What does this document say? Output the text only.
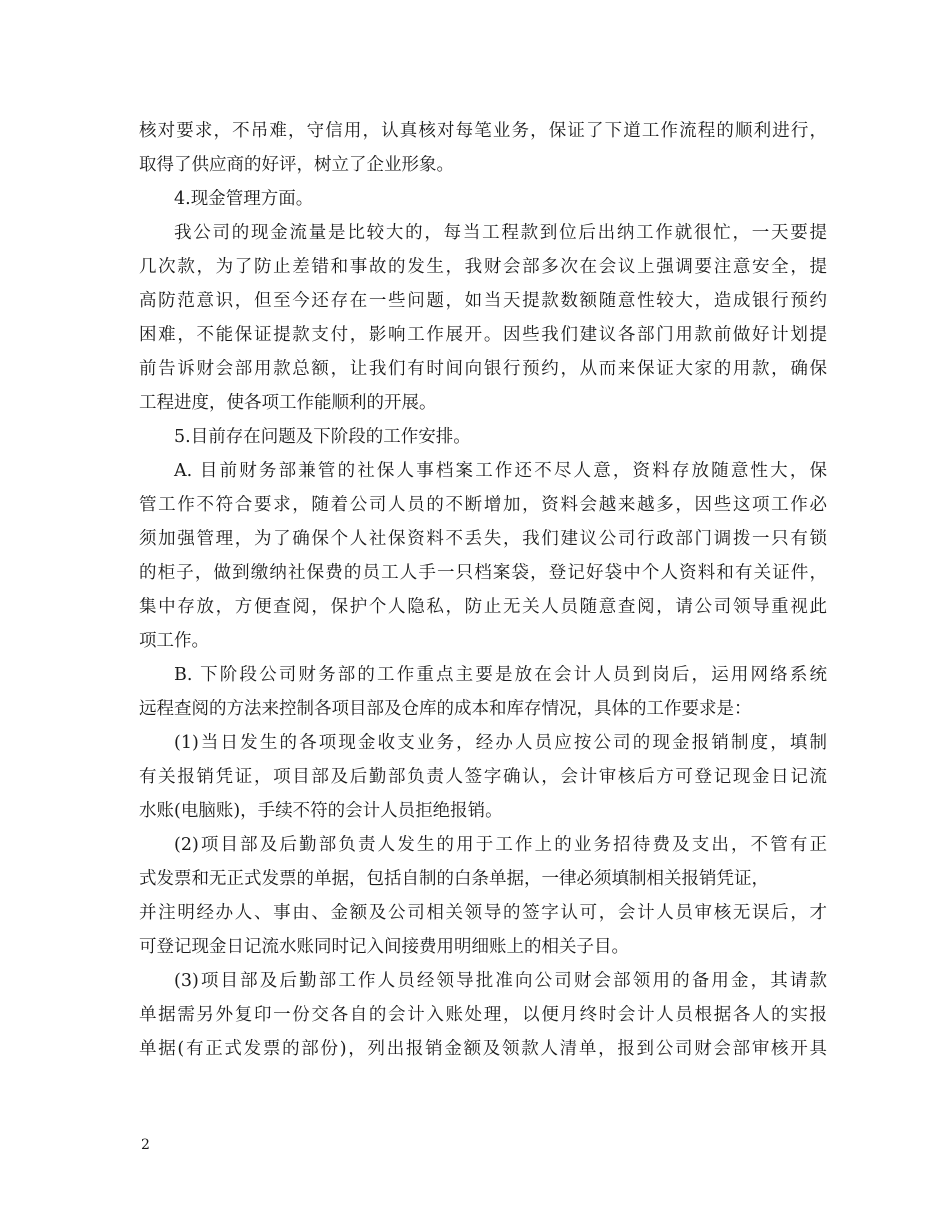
核对要求，不吊难，守信用，认真核对每笔业务，保证了下道工作流程的顺利进行，
取得了供应商的好评，树立了企业形象。
4.现金管理方面。
我公司的现金流量是比较大的，每当工程款到位后出纳工作就很忙，一天要提
几次款，为了防止差错和事故的发生，我财会部多次在会议上强调要注意安全，提
高防范意识，但至今还存在一些问题，如当天提款数额随意性较大，造成银行预约
困难，不能保证提款支付，影响工作展开。因些我们建议各部门用款前做好计划提
前告诉财会部用款总额，让我们有时间向银行预约，从而来保证大家的用款，确保
工程进度，使各项工作能顺利的开展。
5.目前存在问题及下阶段的工作安排。
A. 目前财务部兼管的社保人事档案工作还不尽人意，资料存放随意性大，保
管工作不符合要求，随着公司人员的不断增加，资料会越来越多，因些这项工作必
须加强管理，为了确保个人社保资料不丢失，我们建议公司行政部门调拨一只有锁
的柜子，做到缴纳社保费的员工人手一只档案袋，登记好袋中个人资料和有关证件，
集中存放，方便查阅，保护个人隐私，防止无关人员随意查阅，请公司领导重视此
项工作。
B. 下阶段公司财务部的工作重点主要是放在会计人员到岗后，运用网络系统
远程查阅的方法来控制各项目部及仓库的成本和库存情况，具体的工作要求是：
(1)当日发生的各项现金收支业务，经办人员应按公司的现金报销制度，填制
有关报销凭证，项目部及后勤部负责人签字确认，会计审核后方可登记现金日记流
水账(电脑账)，手续不符的会计人员拒绝报销。
(2)项目部及后勤部负责人发生的用于工作上的业务招待费及支出，不管有正
式发票和无正式发票的单据，包括自制的白条单据，一律必须填制相关报销凭证，
并注明经办人、事由、金额及公司相关领导的签字认可，会计人员审核无误后，才
可登记现金日记流水账同时记入间接费用明细账上的相关子目。
(3)项目部及后勤部工作人员经领导批准向公司财会部领用的备用金，其请款
单据需另外复印一份交各自的会计入账处理，以便月终时会计人员根据各人的实报
单据(有正式发票的部份)，列出报销金额及领款人清单，报到公司财会部审核开具
2
